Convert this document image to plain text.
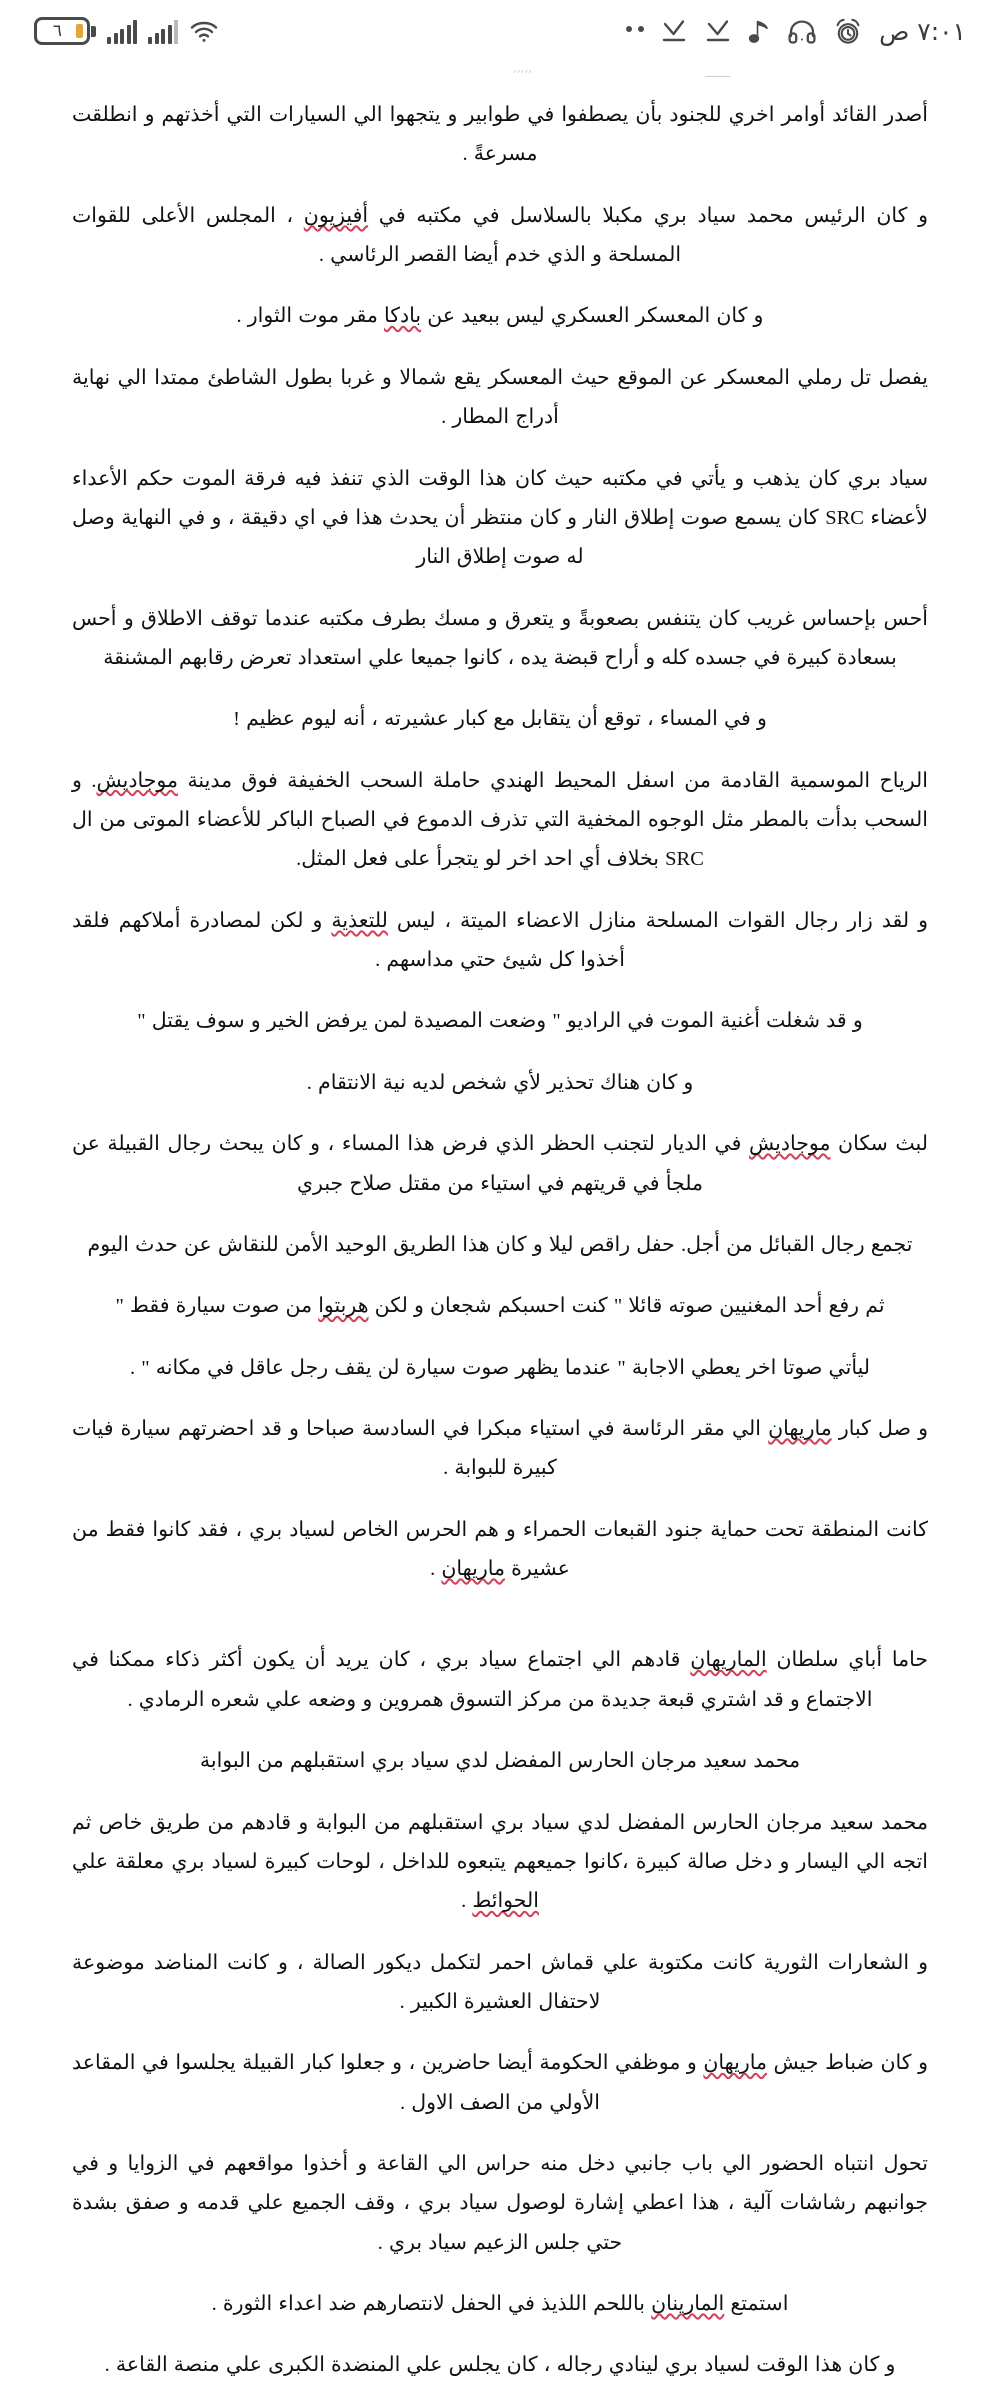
٦	٧:٠١ ص
ـــــــ
٬٬٬٬٬

أصدر القائد أوامر اخري للجنود بأن يصطفوا في طوابير و يتجهوا الي السيارات التي أخذتهم و انطلقت مسرعةً .

و كان الرئيس محمد سياد بري مكبلا بالسلاسل في مكتبه في أفيزيون ، المجلس الأعلى للقوات المسلحة و الذي خدم أيضا القصر الرئاسي .

و كان المعسكر العسكري ليس ببعيد عن بادكا مقر موت الثوار .

يفصل تل رملي المعسكر عن الموقع حيث المعسكر يقع شمالا و غربا بطول الشاطئ ممتدا الي نهاية أدراج المطار .

سياد بري كان يذهب و يأتي في مكتبه حيث كان هذا الوقت الذي تنفذ فيه فرقة الموت حكم الأعداء لأعضاء SRC كان يسمع صوت إطلاق النار و كان منتظر أن يحدث هذا في اي دقيقة ، و في النهاية وصل له صوت إطلاق النار

أحس بإحساس غريب كان يتنفس بصعوبةً و يتعرق و مسك بطرف مكتبه عندما توقف الاطلاق و أحس بسعادة كبيرة في جسده كله و أراح قبضة يده ، كانوا جميعا علي استعداد تعرض رقابهم المشنقة

و في المساء ، توقع أن يتقابل مع كبار عشيرته ، أنه ليوم عظيم !

الرياح الموسمية القادمة من اسفل المحيط الهندي حاملة السحب الخفيفة فوق مدينة موجاديش. و السحب بدأت بالمطر مثل الوجوه المخفية التي تذرف الدموع في الصباح الباكر للأعضاء الموتى من ال SRC بخلاف أي احد اخر لو يتجرأ على فعل المثل.

و لقد زار رجال القوات المسلحة منازل الاعضاء الميتة ، ليس للتعذية و لكن لمصادرة أملاكهم فلقد أخذوا كل شيئ حتي مداسهم .

و قد شغلت أغنية الموت في الراديو " وضعت المصيدة لمن يرفض الخير و سوف يقتل "

و كان هناك تحذير لأي شخص لديه نية الانتقام .

لبث سكان موجاديش في الديار لتجنب الحظر الذي فرض هذا المساء ، و كان يبحث رجال القبيلة عن ملجأ في قريتهم في استياء من مقتل صلاح جبري

تجمع رجال القبائل من أجل. حفل راقص ليلا و كان هذا الطريق الوحيد الأمن للنقاش عن حدث اليوم

ثم رفع أحد المغنيين صوته قائلا " كنت احسبكم شجعان و لكن هربتوا من صوت سيارة فقط "

ليأتي صوتا اخر يعطي الاجابة " عندما يظهر صوت سيارة لن يقف رجل عاقل في مكانه " .

و صل كبار ماريهان الي مقر الرئاسة في استياء مبكرا في السادسة صباحا و قد احضرتهم سيارة فيات كبيرة للبوابة .

كانت المنطقة تحت حماية جنود القبعات الحمراء و هم الحرس الخاص لسياد بري ، فقد كانوا فقط من عشيرة ماريهان .

حاما أباي سلطان الماريهان قادهم الي اجتماع سياد بري ، كان يريد أن يكون أكثر ذكاء ممكنا في الاجتماع و قد اشتري قبعة جديدة من مركز التسوق همروين و وضعه علي شعره الرمادي .

محمد سعيد مرجان الحارس المفضل لدي سياد بري استقبلهم من البوابة

محمد سعيد مرجان الحارس المفضل لدي سياد بري استقبلهم من البوابة و قادهم من طريق خاص ثم اتجه الي اليسار و دخل صالة كبيرة ،كانوا جميعهم يتبعوه للداخل ، لوحات كبيرة لسياد بري معلقة علي الحوائط .

و الشعارات الثورية كانت مكتوبة علي قماش احمر لتكمل ديكور الصالة ، و كانت المناضد موضوعة لاحتفال العشيرة الكبير .

و كان ضباط جيش ماريهان و موظفي الحكومة أيضا حاضرين ، و جعلوا كبار القبيلة يجلسوا في المقاعد الأولي من الصف الاول .

تحول انتباه الحضور الي باب جانبي دخل منه حراس الي القاعة و أخذوا مواقعهم في الزوايا و في جوانبهم رشاشات آلية ، هذا اعطي إشارة لوصول سياد بري ، وقف الجميع علي قدمه و صفق بشدة حتي جلس الزعيم سياد بري .

استمتع المارينان باللحم اللذيذ في الحفل لانتصارهم ضد اعداء الثورة .

و كان هذا الوقت لسياد بري لينادي رجاله ، كان يجلس علي المنضدة الكبرى علي منصة القاعة .
